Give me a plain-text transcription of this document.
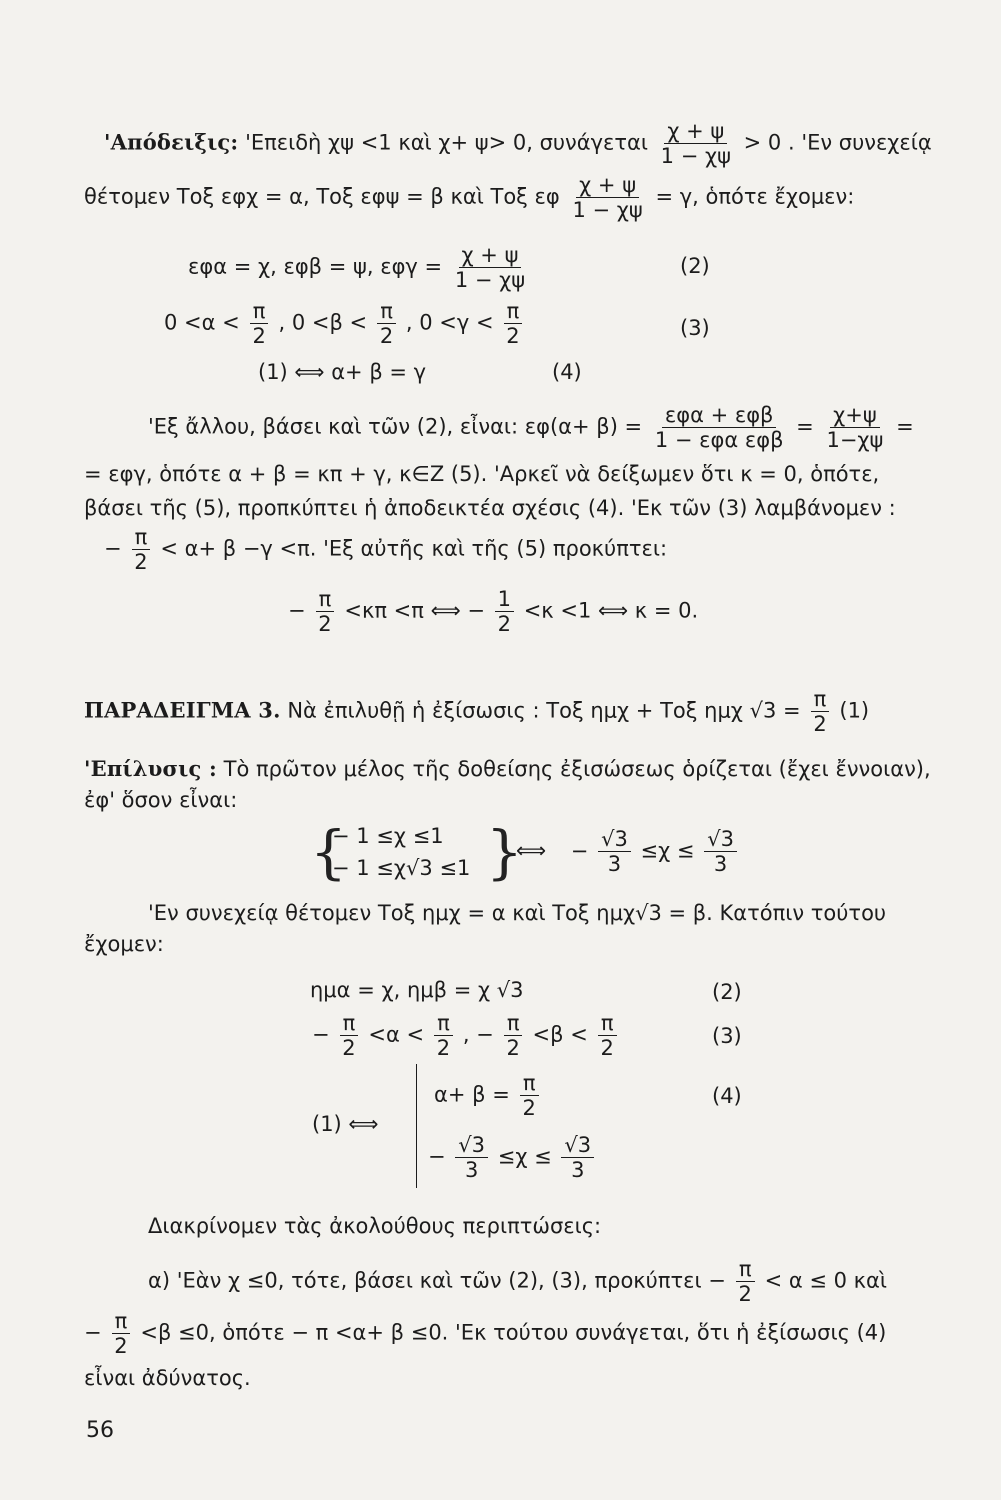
'Απόδειξις: 'Επειδὴ χψ <1 καὶ χ+ ψ> 0, συνάγεται $\frac{\chi + \psi}{1 - \chi\psi} > 0$ . 'Εν συνεχείᾳ
θέτομεν Τοξ εφχ = α, Τοξ εφψ = β καὶ Τοξ εφ $\frac{\chi + \psi}{1 - \chi\psi} = \gamma$, ὁπότε ἔχομεν:
εφα = χ, εφβ = ψ, $\varepsilon\varphi\gamma = \frac{\chi + \psi}{1 - \chi\psi}$	(2)
$0 <\alpha < \frac{\pi}{2}$ , $0 <\beta < \frac{\pi}{2}$ , $0 <\gamma < \frac{\pi}{2}$	(3)
(1) ⟺ α+ β = γ	(4)
'Εξ ἄλλου, βάσει καὶ τῶν (2), εἶναι: $\varepsilon\varphi(\alpha+ \beta) = \frac{\text{εφα + εφβ}}{\text{1 − εφα εφβ}} = \frac{\chi+\psi}{1-\chi\psi}$ =
= εφγ, ὁπότε α + β = κπ + γ, κ∈Ζ (5). 'Αρκεῖ νὰ δείξωμεν ὅτι κ = 0, ὁπότε,
βάσει τῆς (5), προπκύπτει ἡ ἀποδεικτέα σχέσις (4). 'Εκ τῶν (3) λαμβάνομεν :
− $\frac{\pi}{2} < \alpha+ \beta -\gamma <\pi$. 'Εξ αὐτῆς καὶ τῆς (5) προκύπτει:
− $\frac{\pi}{2} <\kappa\pi <\pi$ ⟺ − $\frac{1}{2} <\kappa <1$ ⟺ κ = 0.
ΠΑΡΑΔΕΙΓΜΑ 3. Νὰ ἐπιλυθῇ ἡ ἐξίσωσις : Τοξ ημχ + Τοξ ημχ $√3 = \frac{\pi}{2} (1)$
'Επίλυσις : Τὸ πρῶτον μέλος τῆς δοθείσης ἐξισώσεως ὁρίζεται (ἔχει ἔννοιαν),
ἐφ' ὅσον εἶναι:
{
− 1 ≤χ ≤1
− 1 ≤χ√3 ≤1 }
⟺ − $\frac{√3}{3} \le\chi \le \frac{√3}{3}$
'Εν συνεχείᾳ θέτομεν Τοξ ημχ = α καὶ Τοξ ημχ√3 = β. Κατόπιν τούτου
ἔχομεν:
ημα = χ, ημβ = χ √3	(2)
− $\frac{\pi}{2} <\alpha < \frac{\pi}{2}$ , − $\frac{\pi}{2} <\beta < \frac{\pi}{2}$	(3)
(1) ⟺
$\alpha+ \beta = \frac{\pi}{2}$	(4)
− $\frac{√3}{3} \le\chi \le \frac{√3}{3}$
Διακρίνομεν τὰς ἀκολούθους περιπτώσεις:
α) 'Εὰν χ ≤0, τότε, βάσει καὶ τῶν (2), (3), $\pi\rho o\kappa ύ\pi\tau\varepsilon\iota - \frac{\pi}{2} < \alpha \le 0$ καὶ
− $\frac{\pi}{2} <\beta \le 0$, ὁπότε − π <α+ β ≤0. 'Εκ τούτου συνάγεται, ὅτι ἡ ἐξίσωσις (4)
εἶναι ἀδύνατος.
56
